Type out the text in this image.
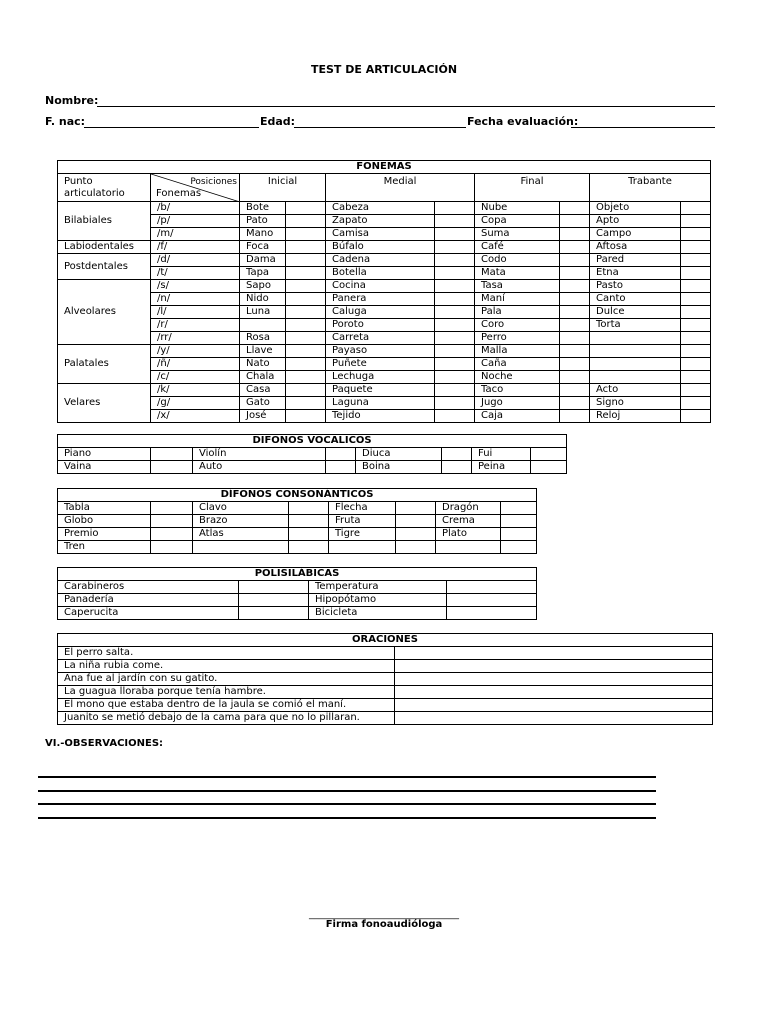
TEST DE ARTICULACIÓN
Nombre:
F. nac:	Edad:	Fecha evaluación:
FONEMAS									
Punto
articulatorio	Posiciones
Fonemas	Inicial		Medial		Final		Trabante	
Bilabiales	/b/	Bote		Cabeza		Nube		Objeto	
	/p/	Pato		Zapato		Copa		Apto	
	/m/	Mano		Camisa		Suma		Campo	
Labiodentales	/f/	Foca		Búfalo		Café		Aftosa	
Postdentales	/d/	Dama		Cadena		Codo		Pared	
	/t/	Tapa		Botella		Mata		Etna	
Alveolares	/s/	Sapo		Cocina		Tasa		Pasto	
	/n/	Nido		Panera		Maní		Canto	
	/l/	Luna		Caluga		Pala		Dulce	
	/r/			Poroto		Coro		Torta	
	/rr/	Rosa		Carreta		Perro			
Palatales	/y/	Llave		Payaso		Malla			
	/ñ/	Ñato		Puñete		Caña			
	/c/	Chala		Lechuga		Noche			
Velares	/k/	Casa		Paquete		Taco		Acto	
	/g/	Gato		Laguna		Jugo		Signo	
	/x/	José		Tejido		Caja		Reloj	
DIFONOS VOCALICOS							
Piano		Violín		Diuca		Fui	
Vaina		Auto		Boina		Peina	
DÍFONOS CONSONÁNTICOS							
Tabla		Clavo		Flecha		Dragón	
Globo		Brazo		Fruta		Crema	
Premio		Atlas		Tigre		Plato	
Tren							
POLISILÁBICAS			
Carabineros		Temperatura	
Panadería		Hipopótamo	
Caperucita		Bicicleta	
ORACIONES	
El perro salta.	
La niña rubia come.	
Ana fue al jardín con su gatito.	
La guagua lloraba porque tenía hambre.	
El mono que estaba dentro de la jaula se comió el maní.	
Juanito se metió debajo de la cama para que no lo pillaran.	
VI.-OBSERVACIONES:
______________________________
Firma fonoaudióloga
